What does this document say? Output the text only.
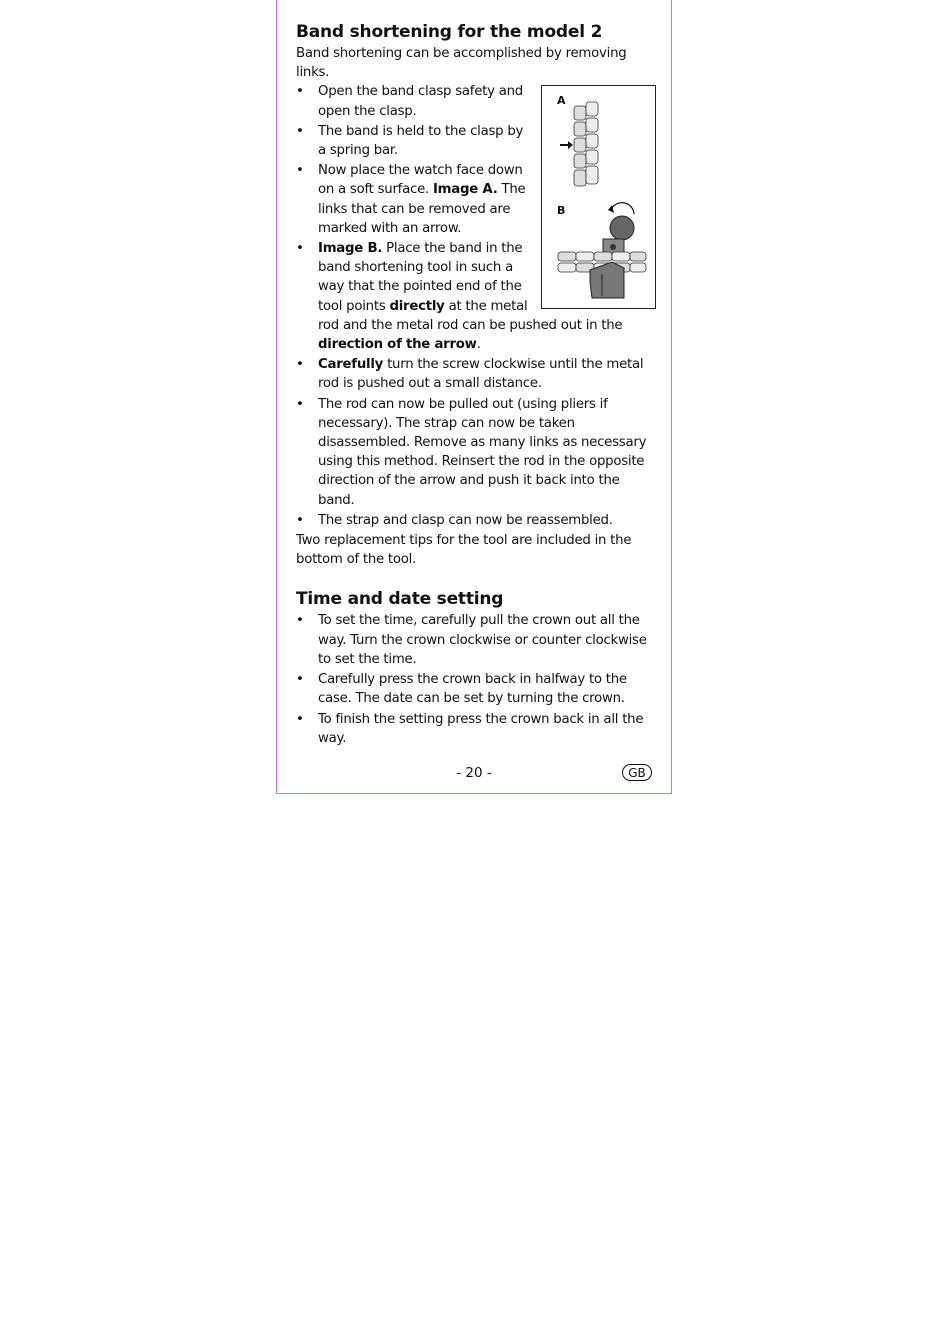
Band shortening for the model 2

Band shortening can be accomplished by removing links.

A
B
• Open the band clasp safety and open the clasp.
• The band is held to the clasp by a spring bar.
• Now place the watch face down on a soft surface. Image A. The links that can be removed are marked with an arrow.
• Image B. Place the band in the band shortening tool in such a way that the pointed end of the tool points directly at the metal rod and the metal rod can be pushed out in the direction of the arrow.
• Carefully turn the screw clockwise until the metal rod is pushed out a small distance.
• The rod can now be pulled out (using pliers if necessary). The strap can now be taken disassembled. Remove as many links as necessary using this method. Reinsert the rod in the opposite direction of the arrow and push it back into the band.
• The strap and clasp can now be reassembled.

Two replacement tips for the tool are included in the bottom of the tool.

Time and date setting
• To set the time, carefully pull the crown out all the way. Turn the crown clockwise or counter clockwise to set the time.
• Carefully press the crown back in halfway to the case. The date can be set by turning the crown.
• To finish the setting press the crown back in all the way.
- 20 -	GB
